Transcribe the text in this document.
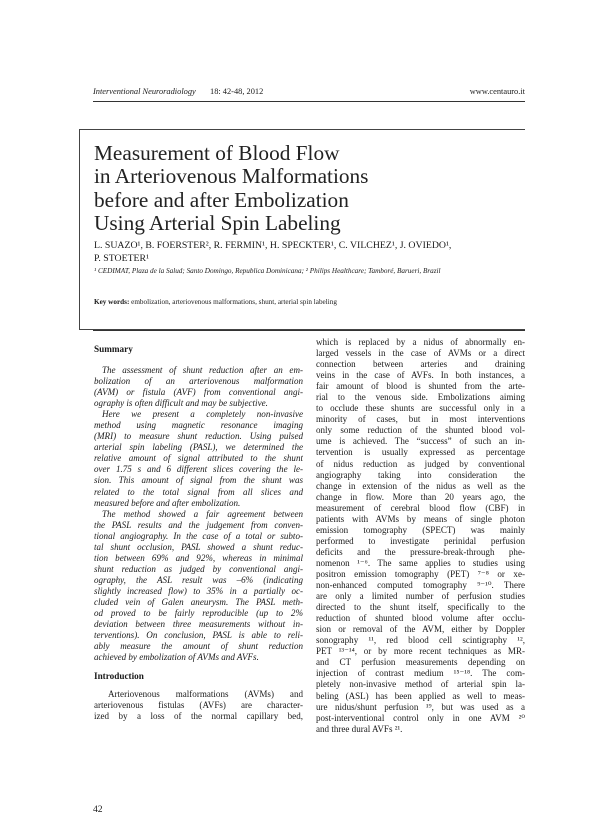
Interventional Neuroradiology 18: 42-48, 2012	www.centauro.it
Measurement of Blood Flow
in Arteriovenous Malformations
before and after Embolization
Using Arterial Spin Labeling
L. SUAZO¹, B. FOERSTER², R. FERMIN¹, H. SPECKTER¹, C. VILCHEZ¹, J. OVIEDO¹,
P. STOETER¹
¹ CEDIMAT, Plaza de la Salud; Santo Domingo, Republica Dominicana; ² Philips Healthcare; Tamboré, Barueri, Brazil
Key words: embolization, arteriovenous malformations, shunt, arterial spin labeling
Summary
The assessment of shunt reduction after an em-
bolization of an arteriovenous malformation
(AVM) or fistula (AVF) from conventional angi-
ography is often difficult and may be subjective.
Here we present a completely non-invasive
method using magnetic resonance imaging
(MRI) to measure shunt reduction. Using pulsed
arterial spin labeling (PASL), we determined the
relative amount of signal attributed to the shunt
over 1.75 s and 6 different slices covering the le-
sion. This amount of signal from the shunt was
related to the total signal from all slices and
measured before and after embolization.
The method showed a fair agreement between
the PASL results and the judgement from conven-
tional angiography. In the case of a total or subto-
tal shunt occlusion, PASL showed a shunt reduc-
tion between 69% and 92%, whereas in minimal
shunt reduction as judged by conventional angi-
ography, the ASL result was –6% (indicating
slightly increased flow) to 35% in a partially oc-
cluded vein of Galen aneurysm. The PASL meth-
od proved to be fairly reproducible (up to 2%
deviation between three measurements without in-
terventions). On conclusion, PASL is able to reli-
ably measure the amount of shunt reduction
achieved by embolization of AVMs and AVFs.
Introduction
Arteriovenous malformations (AVMs) and
arteriovenous fistulas (AVFs) are character-
ized by a loss of the normal capillary bed,
which is replaced by a nidus of abnormally en-
larged vessels in the case of AVMs or a direct
connection between arteries and draining
veins in the case of AVFs. In both instances, a
fair amount of blood is shunted from the arte-
rial to the venous side. Embolizations aiming
to occlude these shunts are successful only in a
minority of cases, but in most interventions
only some reduction of the shunted blood vol-
ume is achieved. The “success” of such an in-
tervention is usually expressed as percentage
of nidus reduction as judged by conventional
angiography taking into consideration the
change in extension of the nidus as well as the
change in flow. More than 20 years ago, the
measurement of cerebral blood flow (CBF) in
patients with AVMs by means of single photon
emission tomography (SPECT) was mainly
performed to investigate perinidal perfusion
deficits and the pressure-break-through phe-
nomenon ¹⁻⁶. The same applies to studies using
positron emission tomography (PET) ⁷⁻⁸ or xe-
non-enhanced computed tomography ⁹⁻¹⁰. There
are only a limited number of perfusion studies
directed to the shunt itself, specifically to the
reduction of shunted blood volume after occlu-
sion or removal of the AVM, either by Doppler
sonography ¹¹, red blood cell scintigraphy ¹²,
PET ¹³⁻¹⁴, or by more recent techniques as MR-
and CT perfusion measurements depending on
injection of contrast medium ¹⁵⁻¹⁸. The com-
pletely non-invasive method of arterial spin la-
beling (ASL) has been applied as well to meas-
ure nidus/shunt perfusion ¹⁹, but was used as a
post-interventional control only in one AVM ²⁰
and three dural AVFs ²¹.
42
